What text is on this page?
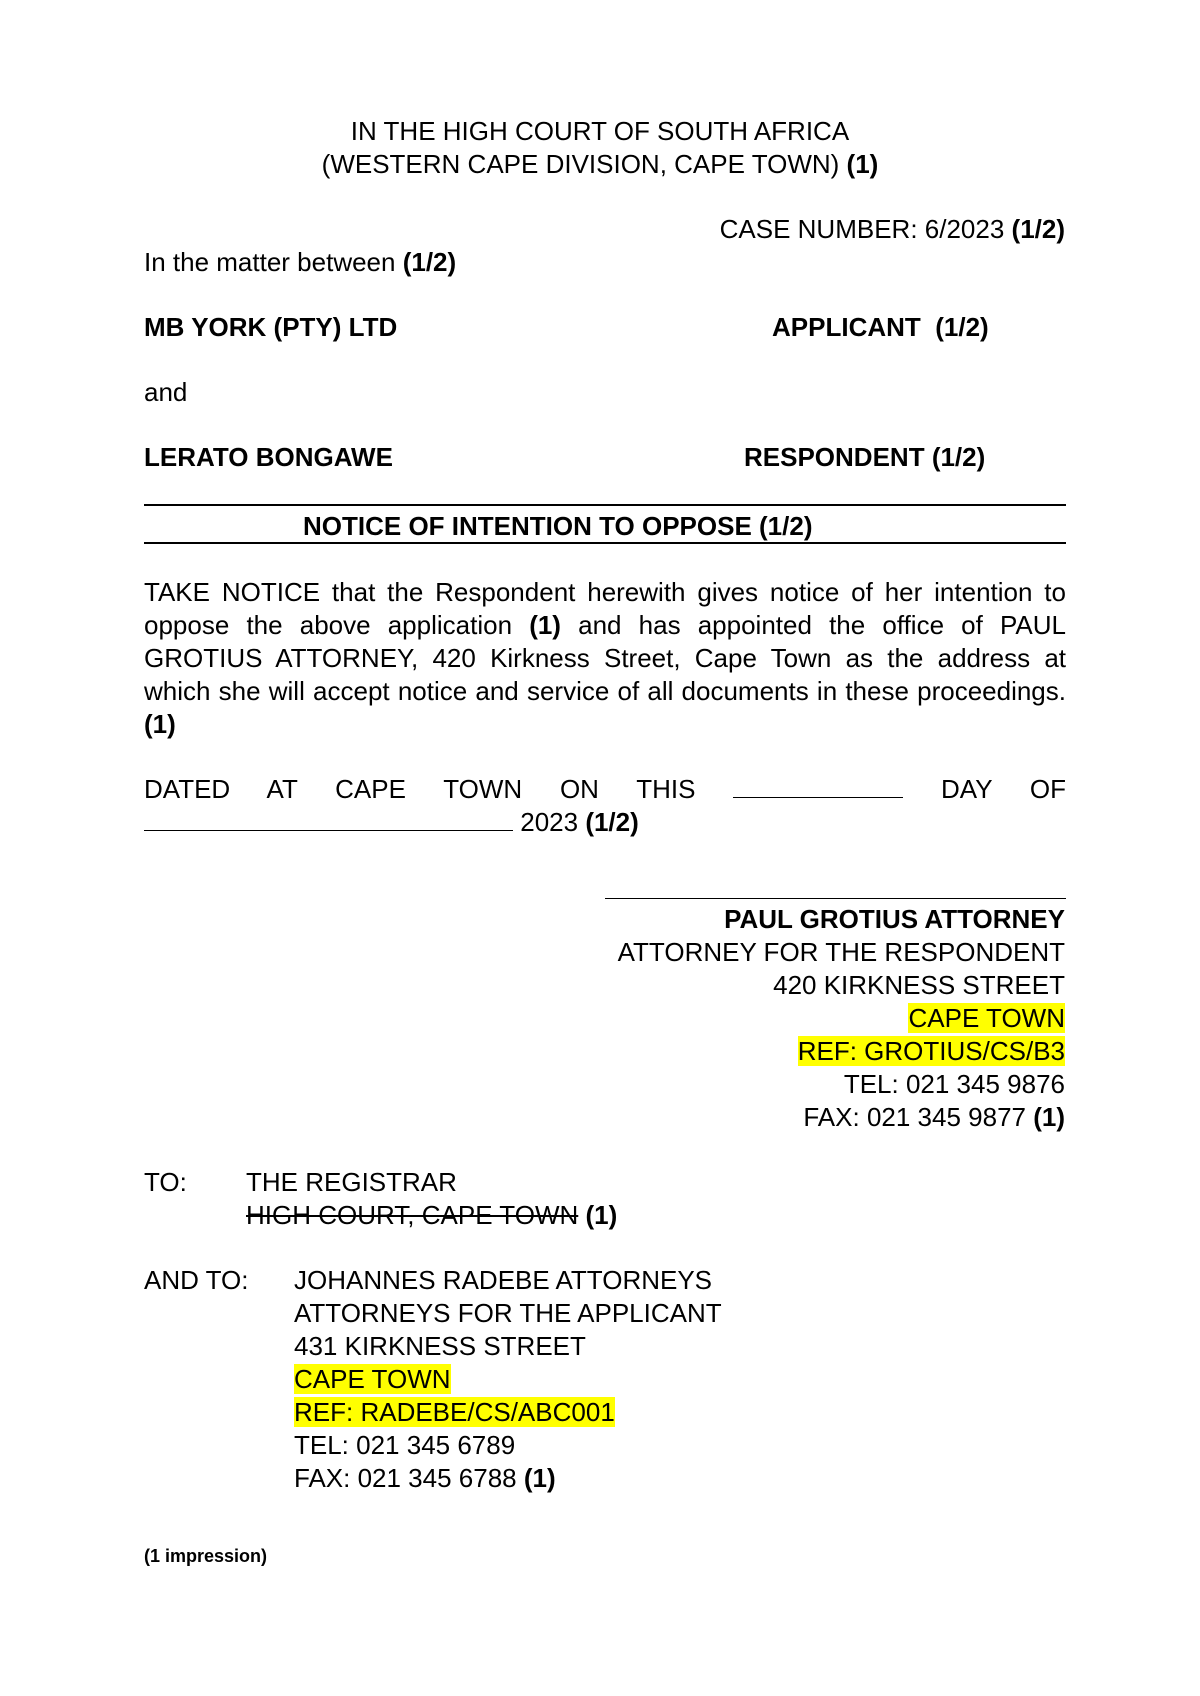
IN THE HIGH COURT OF SOUTH AFRICA
(WESTERN CAPE DIVISION, CAPE TOWN) (1)
CASE NUMBER: 6/2023 (1/2)
In the matter between (1/2)
MB YORK (PTY) LTD	APPLICANT (1/2)
and
LERATO BONGAWE	RESPONDENT (1/2)
NOTICE OF INTENTION TO OPPOSE (1/2)
TAKE NOTICE that the Respondent herewith gives notice of her intention to oppose the above application (1) and has appointed the office of PAUL GROTIUS ATTORNEY, 420 Kirkness Street, Cape Town as the address at which she will accept notice and service of all documents in these proceedings.(1)
DATED AT CAPE TOWN ON THIS	DAY OF
2023 (1/2)
PAUL GROTIUS ATTORNEY
ATTORNEY FOR THE RESPONDENT
420 KIRKNESS STREET
CAPE TOWN
REF: GROTIUS/CS/B3
TEL: 021 345 9876
FAX: 021 345 9877 (1)
TO: THE REGISTRAR
HIGH COURT, CAPE TOWN (1)
AND TO: JOHANNES RADEBE ATTORNEYS
ATTORNEYS FOR THE APPLICANT
431 KIRKNESS STREET
CAPE TOWN
REF: RADEBE/CS/ABC001
TEL: 021 345 6789
FAX: 021 345 6788 (1)
(1 impression)
